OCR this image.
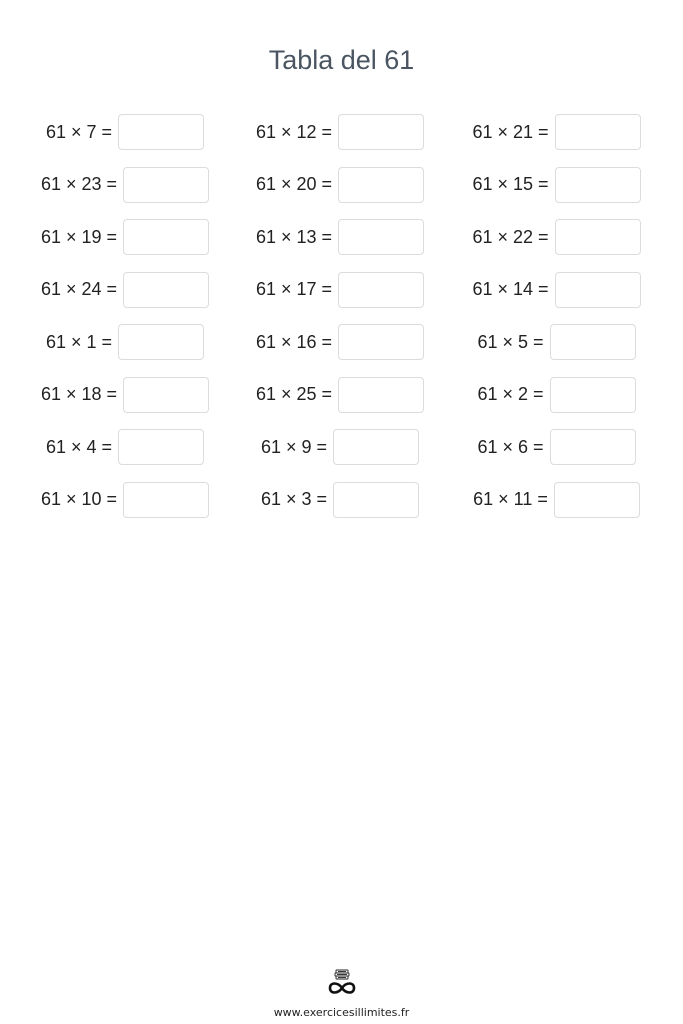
Tabla del 61
61 × 7 =	61 × 12 =	61 × 21 =
61 × 23 =	61 × 20 =	61 × 15 =
61 × 19 =	61 × 13 =	61 × 22 =
61 × 24 =	61 × 17 =	61 × 14 =
61 × 1 =	61 × 16 =	61 × 5 =
61 × 18 =	61 × 25 =	61 × 2 =
61 × 4 =	61 × 9 =	61 × 6 =
61 × 10 =	61 × 3 =	61 × 11 =
www.exercicesillimites.fr
